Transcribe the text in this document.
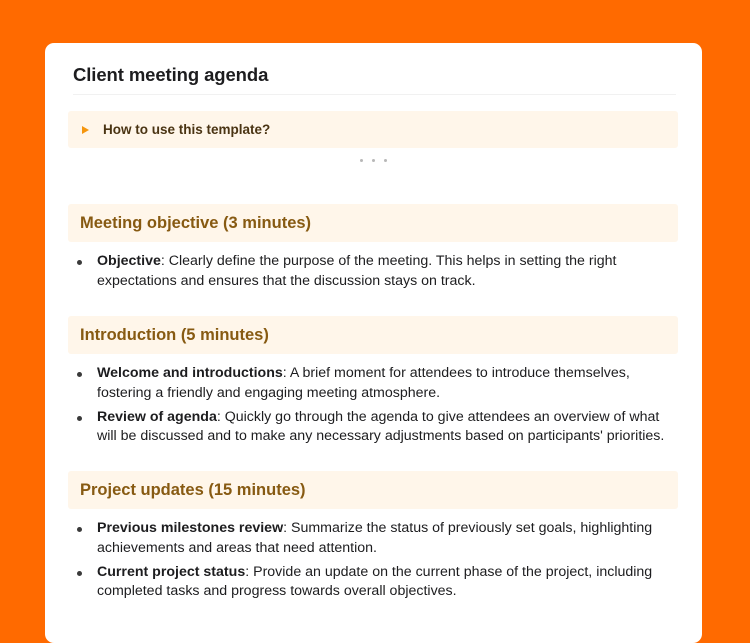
Client meeting agenda
How to use this template?
Meeting objective (3 minutes)
Objective: Clearly define the purpose of the meeting. This helps in setting the right expectations and ensures that the discussion stays on track.
Introduction (5 minutes)
Welcome and introductions: A brief moment for attendees to introduce themselves, fostering a friendly and engaging meeting atmosphere.
Review of agenda: Quickly go through the agenda to give attendees an overview of what will be discussed and to make any necessary adjustments based on participants' priorities.
Project updates (15 minutes)
Previous milestones review: Summarize the status of previously set goals, highlighting achievements and areas that need attention.
Current project status: Provide an update on the current phase of the project, including completed tasks and progress towards overall objectives.
